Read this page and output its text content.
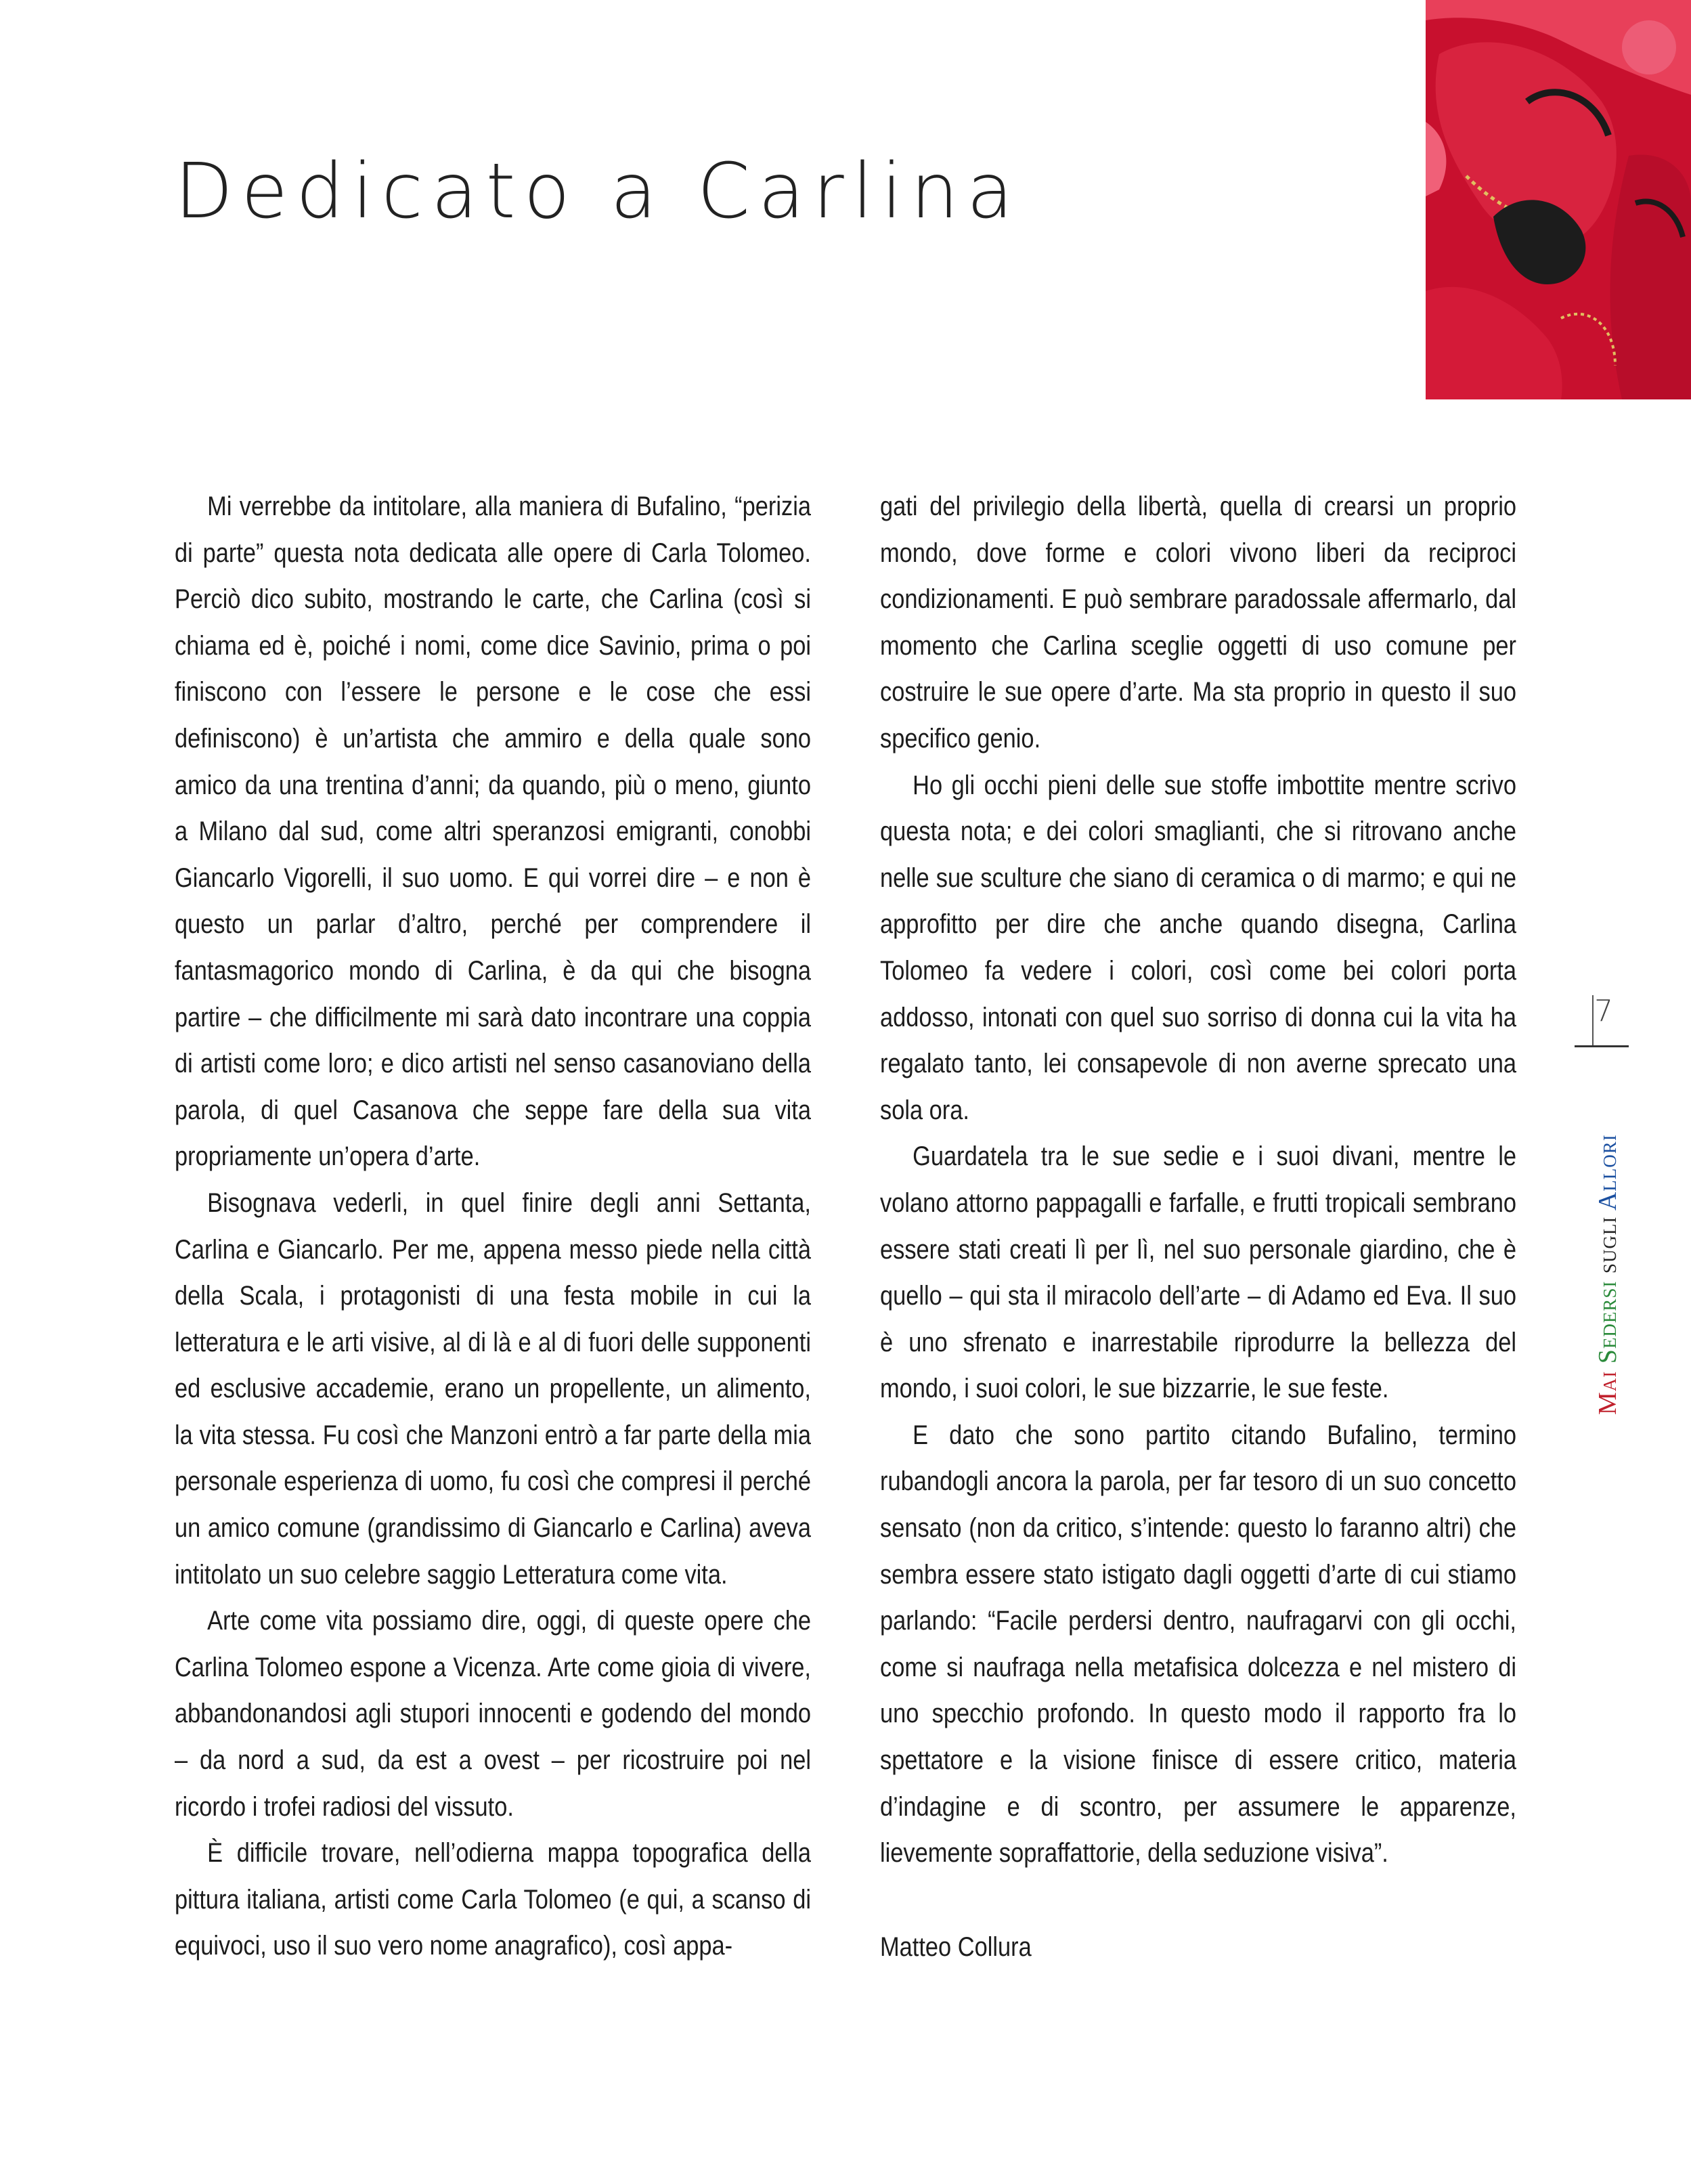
Dedicato a Carlina

Mi verrebbe da intitolare, alla maniera di Bufalino, “perizia di parte” questa nota dedicata alle opere di Carla Tolomeo. Perciò dico subito, mostrando le carte, che Carlina (così si chiama ed è, poiché i nomi, come dice Savinio, prima o poi finiscono con l’essere le persone e le cose che essi definiscono) è un’artista che ammiro e della quale sono amico da una trentina d’anni; da quando, più o meno, giunto a Milano dal sud, come altri speranzosi emigranti, conobbi Giancarlo Vigorelli, il suo uomo. E qui vorrei dire – e non è questo un parlar d’altro, perché per comprendere il fantasmagorico mondo di Carlina, è da qui che bisogna partire – che difficilmente mi sarà dato incontrare una coppia di artisti come loro; e dico artisti nel senso casanoviano della parola, di quel Casanova che seppe fare della sua vita propriamente un’opera d’arte.

Bisognava vederli, in quel finire degli anni Settanta, Carlina e Giancarlo. Per me, appena messo piede nella città della Scala, i protagonisti di una festa mobile in cui la letteratura e le arti visive, al di là e al di fuori delle supponenti ed esclusive accademie, erano un propellente, un alimento, la vita stessa. Fu così che Manzoni entrò a far parte della mia personale esperienza di uomo, fu così che compresi il perché un amico comune (grandissimo di Giancarlo e Carlina) aveva intitolato un suo celebre saggio Letteratura come vita.

Arte come vita possiamo dire, oggi, di queste opere che Carlina Tolomeo espone a Vicenza. Arte come gioia di vivere, abbandonandosi agli stupori innocenti e godendo del mondo – da nord a sud, da est a ovest – per ricostruire poi nel ricordo i trofei radiosi del vissuto.

È difficile trovare, nell’odierna mappa topografica della pittura italiana, artisti come Carla Tolomeo (e qui, a scanso di equivoci, uso il suo vero nome anagrafico), così appa-

gati del privilegio della libertà, quella di crearsi un proprio mondo, dove forme e colori vivono liberi da reciproci condizionamenti. E può sembrare paradossale affermarlo, dal momento che Carlina sceglie oggetti di uso comune per costruire le sue opere d’arte. Ma sta proprio in questo il suo specifico genio.

Ho gli occhi pieni delle sue stoffe imbottite mentre scrivo questa nota; e dei colori smaglianti, che si ritrovano anche nelle sue sculture che siano di ceramica o di marmo; e qui ne approfitto per dire che anche quando disegna, Carlina Tolomeo fa vedere i colori, così come bei colori porta addosso, intonati con quel suo sorriso di donna cui la vita ha regalato tanto, lei consapevole di non averne sprecato una sola ora.

Guardatela tra le sue sedie e i suoi divani, mentre le volano attorno pappagalli e farfalle, e frutti tropicali sembrano essere stati creati lì per lì, nel suo personale giardino, che è quello – qui sta il miracolo dell’arte – di Adamo ed Eva. Il suo è uno sfrenato e inarrestabile riprodurre la bellezza del mondo, i suoi colori, le sue bizzarrie, le sue feste.

E dato che sono partito citando Bufalino, termino rubandogli ancora la parola, per far tesoro di un suo concetto sensato (non da critico, s’intende: questo lo faranno altri) che sembra essere stato istigato dagli oggetti d’arte di cui stiamo parlando: “Facile perdersi dentro, naufragarvi con gli occhi, come si naufraga nella metafisica dolcezza e nel mistero di uno specchio profondo. In questo modo il rapporto fra lo spettatore e la visione finisce di essere critico, materia d’indagine e di scontro, per assumere le apparenze, lievemente sopraffattorie, della seduzione visiva”.

Matteo Collura

7
Mai Sedersi sugli Allori
